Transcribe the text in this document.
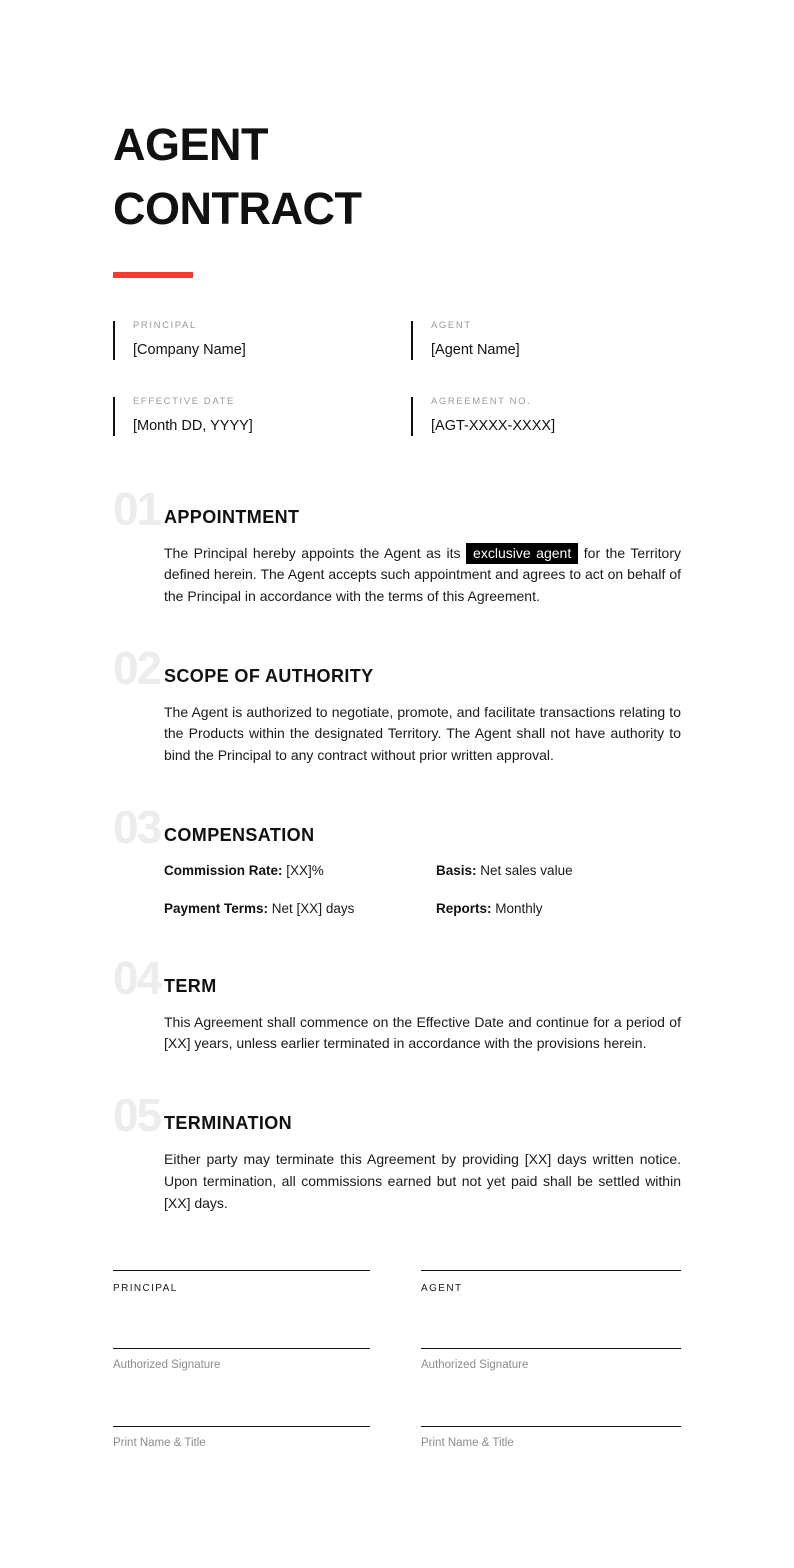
AGENT
CONTRACT
PRINCIPAL
[Company Name]
AGENT
[Agent Name]
EFFECTIVE DATE
[Month DD, YYYY]
AGREEMENT NO.
[AGT-XXXX-XXXX]
01 APPOINTMENT

The Principal hereby appoints the Agent as its exclusive agent for the Territory defined herein. The Agent accepts such appointment and agrees to act on behalf of the Principal in accordance with the terms of this Agreement.

02 SCOPE OF AUTHORITY

The Agent is authorized to negotiate, promote, and facilitate transactions relating to the Products within the designated Territory. The Agent shall not have authority to bind the Principal to any contract without prior written approval.

03 COMPENSATION
Commission Rate: [XX]%	Basis: Net sales value
Payment Terms: Net [XX] days	Reports: Monthly
04 TERM

This Agreement shall commence on the Effective Date and continue for a period of [XX] years, unless earlier terminated in accordance with the provisions herein.

05 TERMINATION

Either party may terminate this Agreement by providing [XX] days written notice. Upon termination, all commissions earned but not yet paid shall be settled within [XX] days.

PRINCIPAL
Authorized Signature
Print Name & Title
AGENT
Authorized Signature
Print Name & Title
